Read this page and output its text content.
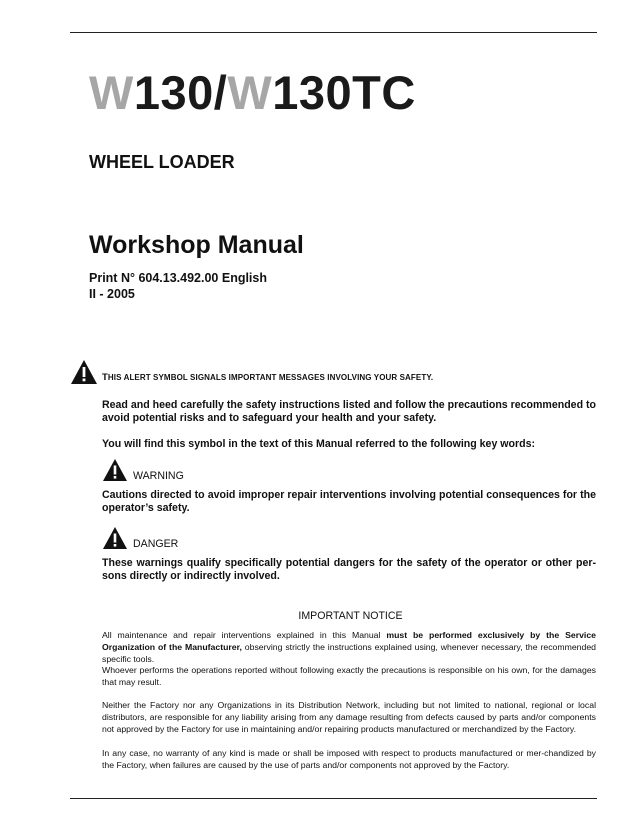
W130/W130TC
WHEEL LOADER
Workshop Manual
Print N° 604.13.492.00 English
II - 2005
THIS ALERT SYMBOL SIGNALS IMPORTANT MESSAGES INVOLVING YOUR SAFETY.
Read and heed carefully the safety instructions listed and follow the precautions recommended to avoid potential risks and to safeguard your health and your safety.
You will find this symbol in the text of this Manual referred to the following key words:
WARNING
Cautions directed to avoid improper repair interventions involving potential consequences for the operator’s safety.
DANGER
These warnings qualify specifically potential dangers for the safety of the operator or other per-sons directly or indirectly involved.
IMPORTANT NOTICE
All maintenance and repair interventions explained in this Manual must be performed exclusively by the Service Organization of the Manufacturer, observing strictly the instructions explained using, whenever necessary, the recommended specific tools.
Whoever performs the operations reported without following exactly the precautions is responsible on his own, for the damages that may result.
Neither the Factory nor any Organizations in its Distribution Network, including but not limited to national, regional or local distributors, are responsible for any liability arising from any damage resulting from defects caused by parts and/or components not approved by the Factory for use in maintaining and/or repairing products manufactured or merchandized by the Factory.
In any case, no warranty of any kind is made or shall be imposed with respect to products manufactured or mer-chandized by the Factory, when failures are caused by the use of parts and/or components not approved by the Factory.
